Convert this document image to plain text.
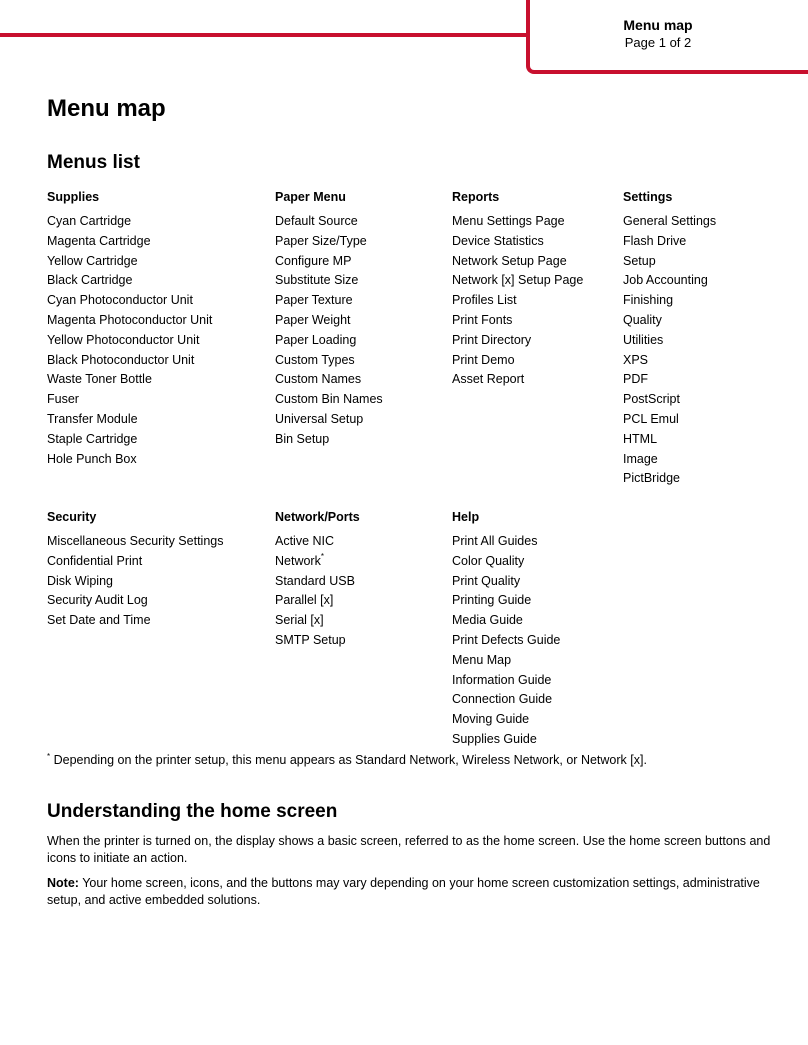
Menu map
Page 1 of 2
Menu map
Menus list
Supplies
Cyan Cartridge
Magenta Cartridge
Yellow Cartridge
Black Cartridge
Cyan Photoconductor Unit
Magenta Photoconductor Unit
Yellow Photoconductor Unit
Black Photoconductor Unit
Waste Toner Bottle
Fuser
Transfer Module
Staple Cartridge
Hole Punch Box
Paper Menu
Default Source
Paper Size/Type
Configure MP
Substitute Size
Paper Texture
Paper Weight
Paper Loading
Custom Types
Custom Names
Custom Bin Names
Universal Setup
Bin Setup
Reports
Menu Settings Page
Device Statistics
Network Setup Page
Network [x] Setup Page
Profiles List
Print Fonts
Print Directory
Print Demo
Asset Report
Settings
General Settings
Flash Drive
Setup
Job Accounting
Finishing
Quality
Utilities
XPS
PDF
PostScript
PCL Emul
HTML
Image
PictBridge
Security
Miscellaneous Security Settings
Confidential Print
Disk Wiping
Security Audit Log
Set Date and Time
Network/Ports
Active NIC
Network*
Standard USB
Parallel [x]
Serial [x]
SMTP Setup
Help
Print All Guides
Color Quality
Print Quality
Printing Guide
Media Guide
Print Defects Guide
Menu Map
Information Guide
Connection Guide
Moving Guide
Supplies Guide
* Depending on the printer setup, this menu appears as Standard Network, Wireless Network, or Network [x].
Understanding the home screen

When the printer is turned on, the display shows a basic screen, referred to as the home screen. Use the home screen buttons and icons to initiate an action.

Note: Your home screen, icons, and the buttons may vary depending on your home screen customization settings, administrative setup, and active embedded solutions.
